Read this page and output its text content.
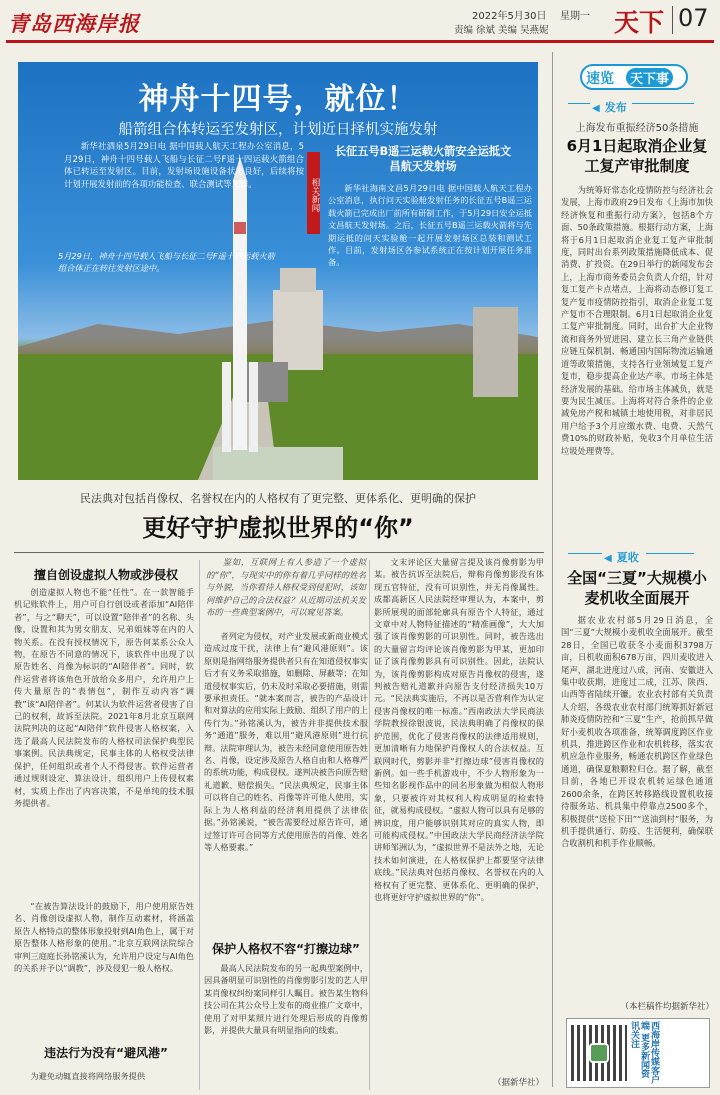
青岛西海岸报	2022年5月30日 星期一
责编 徐斌 美编 吴燕妮	天下 07
神舟十四号，就位！
船箭组合体转运至发射区，计划近日择机实施发射
新华社酒泉5月29日电 据中国载人航天工程办公室消息，5月29日，神舟十四号载人飞船与长征二号F遥十四运载火箭组合体已转运至发射区。目前，发射场设施设备状态良好，后续将按计划开展发射前的各项功能检查、联合测试等工作。
5月29日，神舟十四号载人飞船与长征二号F遥十四运载火箭组合体正在转往发射区途中。
相关新闻
长征五号B遥三运载火箭安全运抵文昌航天发射场
新华社海南文昌5月29日电 据中国载人航天工程办公室消息，执行问天实验舱发射任务的长征五号B遥三运载火箭已完成出厂前所有研制工作，于5月29日安全运抵文昌航天发射场。之后，长征五号B遥三运载火箭将与先期运抵的问天实验舱一起开展发射场区总装和测试工作。目前，发射场区各参试系统正在按计划开展任务准备。
速览	天下事
◀ 发布
上海发布重振经济50条措施
6月1日起取消企业复工复产审批制度
为统筹好常态化疫情防控与经济社会发展，上海市政府29日发布《上海市加快经济恢复和重振行动方案》，包括8个方面、50条政策措施。根据行动方案，上海将于6月1日起取消企业复工复产审批制度，同时出台系列政策措施降低成本、促消费、扩投资。在29日举行的新闻发布会上，上海市商务委员会负责人介绍，针对复工复产卡点堵点，上海将动态修订复工复产复市疫情防控指引，取消企业复工复产复市不合理限制。6月1日起取消企业复工复产审批制度。同时，出台扩大企业物流和商务外贸进园、建立长三角产业链供应链互保机制、畅通国内国际物流运输通道等政策措施，支持各行业领域复工复产复市，稳步提高企业达产率。市场主体是经济发展的基础。给市场主体减负，就是要为民生减压。上海将对符合条件的企业减免房产税和城镇土地使用税，对非居民用户给予3个月应缴水费、电费、天然气费10%的财政补贴，免收3个月单位生活垃圾处理费等。
◀ 夏收
全国“三夏”大规模小麦机收全面展开
据农业农村部5月29日消息，全国“三夏”大规模小麦机收全面展开。截至28日，全国已收获冬小麦面积3798万亩，日机收面积678万亩，四川麦收进入尾声，湖北进度过八成，河南、安徽进入集中收获期，进度过二成，江苏、陕西、山西等省陆续开镰。农业农村部有关负责人介绍，各级农业农村部门统筹抓好新冠肺炎疫情防控和“三夏”生产，抢前抓早做好小麦机收各项准备，统筹调度跨区作业机具，推进跨区作业和农机转移，落实农机应急作业服务，畅通农机跨区作业绿色通道，确保夏粮颗粒归仓。据了解，截至目前，各地已开设农机转运绿色通道2600余条，在跨区转移路线设置机收接待服务站、机具集中停靠点2500多个，积极提供“送检下田”“送油到村”服务，为机手提供通行、防疫、生活便利，确保联合收割机和机手作业顺畅。
（本栏稿件均据新华社）
西海岸传媒客户端 更多新闻资讯关注
民法典对包括肖像权、名誉权在内的人格权有了更完整、更体系化、更明确的保护
更好守护虚拟世界的“你”
擅自创设虚拟人物或涉侵权
创造虚拟人物也不能“任性”。在一款智能手机记账软件上，用户可自行创设或者添加“AI陪伴者”，与之“聊天”，可以设置“陪伴者”的名称、头像，设置和其为男女朋友、兄弟姐妹等在内的人物关系。在没有授权情况下，原告何某系公众人物，在原告不同意的情况下，该软件中出现了以原告姓名、肖像为标识的“AI陪伴者”。同时，软件运营者将该角色开放给众多用户，允许用户上传大量原告的“表情包”，制作互动内容“调教”该“AI陪伴者”。何某认为软件运营者侵害了自己的权利，故诉至法院。2021年8月北京互联网法院判决的这起“AI陪伴”软件侵害人格权案，入选了最高人民法院发布的人格权司法保护典型民事案例。民法典规定，民事主体的人格权受法律保护，任何组织或者个人不得侵害。软件运营者通过规则设定、算法设计，组织用户上传侵权素材，实质上作出了内容决策，不是单纯的技术服务提供者。
“在被告算法设计的鼓励下，用户使用原告姓名、肖像创设虚拟人物，制作互动素材，将涵盖原告人格特点的整体形象投射到AI角色上，属于对原告整体人格形象的使用。”北京互联网法院综合审判三庭庭长孙铭溪认为，允许用户设定与AI角色的关系并予以“调教”，涉及侵犯一般人格权。
违法行为没有“避风港”
为避免动辄直接将网络服务提供
鉴如，互联网上有人参造了一个虚拟的“你”，与现实中的你有着几乎同样的姓名与外貌，当你看待人格权受到侵犯时，该如何维护自己的合法权益？从近期司法机关发布的一些典型案例中，可以窥见答案。
者列定为侵权，对产业发展或新商业模式造成过度干扰，法律上有“避风港原则”。该原则是指网络服务提供者只有在知道侵权事实后才有义务采取措施，如删除、屏蔽等；在知道侵权事实后，仍未及时采取必要措施，则需要承担责任。“就本案而言，被告的产品设计和对算法的应用实际上鼓励、组织了用户的上传行为。”孙铭溪认为，被告并非提供技术服务“通道”服务，难以用“避风港原则”进行抗辩。法院审理认为，被告未经同意使用原告姓名、肖像，设定涉及原告人格自由和人格尊严的系统功能，构成侵权。遂判决被告向原告赔礼道歉、赔偿损失。“民法典规定，民事主体可以将自己的姓名、肖像等许可他人使用，实际上为人格利益的经济利用提供了法律依据。”孙铭溪说，“被告需要经过原告许可，通过签订许可合同等方式使用原告的肖像、姓名等人格要素。”
保护人格权不容“打擦边球”
最高人民法院发布的另一起典型案例中，因具备明显可识别性的肖像剪影引发的艺人甲某肖像权纠纷案同样引人瞩目。被告某生物科技公司在其公众号上发布的商业推广文章中，使用了对甲某照片进行处理后形成的肖像剪影，并提供大量具有明显指向的线索。
文末评论区大量留言提及该肖像剪影为甲某。被告抗诉至法院后，辩称肖像剪影没有体现五官特征，没有可识别性，并无肖像属性。成都高新区人民法院经审理认为，本案中，剪影所展现的面部轮廓具有原告个人特征，通过文章中对人物特征描述的“精准画像”，大大加强了该肖像剪影的可识别性。同时，被告选出的大量留言均评论该肖像剪影为甲某，更加印证了该肖像剪影具有可识别性。因此，法院认为，该肖像剪影构成对原告肖像权的侵害，遂判被告赔礼道歉并向原告支付经济损失10万元。“民法典实施后，不再以是否营利作为认定侵害肖像权的唯一标准。”西南政法大学民商法学院教授徐银波说，民法典明确了肖像权的保护范围，优化了侵害肖像权的法律适用规则，更加清晰有力地保护肖像权人的合法权益。互联网时代，剪影并非“打擦边球”侵害肖像权的新例。如一些手机游戏中，不少人物形象为一些知名影视作品中的同名形象做为相似人物形象，只要被许对其权利人构成明显的检索特征，就易构成侵权。“虚拟人物可以具有足够的辨识度，用户能够识别其对应的真实人物，即可能构成侵权。”中国政法大学民商经济法学院讲师邹洲认为，“虚拟世界不是法外之地，无论技术如何演进，在人格权保护上都要坚守法律底线。”民法典对包括肖像权、名誉权在内的人格权有了更完整、更体系化、更明确的保护，也将更好守护虚拟世界的“你”。
（据新华社）
